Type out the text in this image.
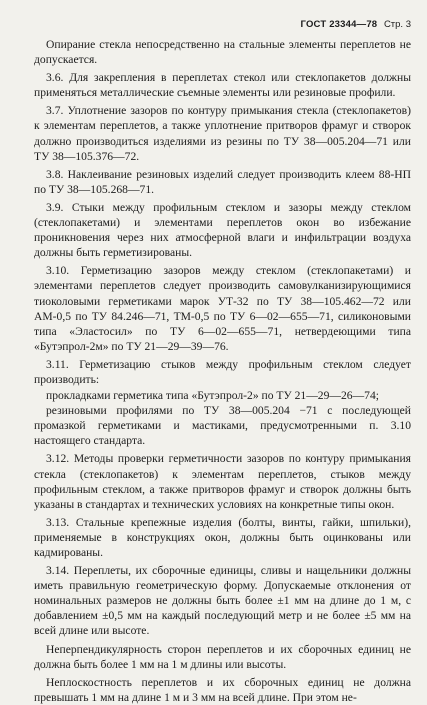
ГОСТ 23344—78 Стр. 3

Опирание стекла непосредственно на стальные элементы переплетов не допускается.

3.6. Для закрепления в переплетах стекол или стеклопакетов должны применяться металлические съемные элементы или резиновые профили.

3.7. Уплотнение зазоров по контуру примыкания стекла (стеклопакетов) к элементам переплетов, а также уплотнение притворов фрамуг и створок должно производиться изделиями из резины по ТУ 38—005.204—71 или ТУ 38—105.376—72.

3.8. Наклеивание резиновых изделий следует производить клеем 88-НП по ТУ 38—105.268—71.

3.9. Стыки между профильным стеклом и зазоры между стеклом (стеклопакетами) и элементами переплетов окон во избежание проникновения через них атмосферной влаги и инфильтрации воздуха должны быть герметизированы.

3.10. Герметизацию зазоров между стеклом (стеклопакетами) и элементами переплетов следует производить самовулканизирующимися тиоколовыми герметиками марок УТ-32 по ТУ 38—105.462—72 или АМ-0,5 по ТУ 84.246—71, ТМ-0,5 по ТУ 6—02—655—71, силиконовыми типа «Эластосил» по ТУ 6—02—655—71, нетвердеющими типа «Бутэпрол-2м» по ТУ 21—29—39—76.

3.11. Герметизацию стыков между профильным стеклом следует производить:

прокладками герметика типа «Бутэпрол-2» по ТУ 21—29—26—74;

резиновыми профилями по ТУ 38—005.204 −71 с последующей промазкой герметиками и мастиками, предусмотренными п. 3.10 настоящего стандарта.

3.12. Методы проверки герметичности зазоров по контуру примыкания стекла (стеклопакетов) к элементам переплетов, стыков между профильным стеклом, а также притворов фрамуг и створок должны быть указаны в стандартах и технических условиях на конкретные типы окон.

3.13. Стальные крепежные изделия (болты, винты, гайки, шпильки), применяемые в конструкциях окон, должны быть оцинкованы или кадмированы.

3.14. Переплеты, их сборочные единицы, сливы и нащельники должны иметь правильную геометрическую форму. Допускаемые отклонения от номинальных размеров не должны быть более ±1 мм на длине до 1 м, с добавлением ±0,5 мм на каждый последующий метр и не более ±5 мм на всей длине или высоте.

Неперпендикулярность сторон переплетов и их сборочных единиц не должна быть более 1 мм на 1 м длины или высоты.

Неплоскостность переплетов и их сборочных единиц не должна превышать 1 мм на длине 1 м и 3 мм на всей длине. При этом не-
